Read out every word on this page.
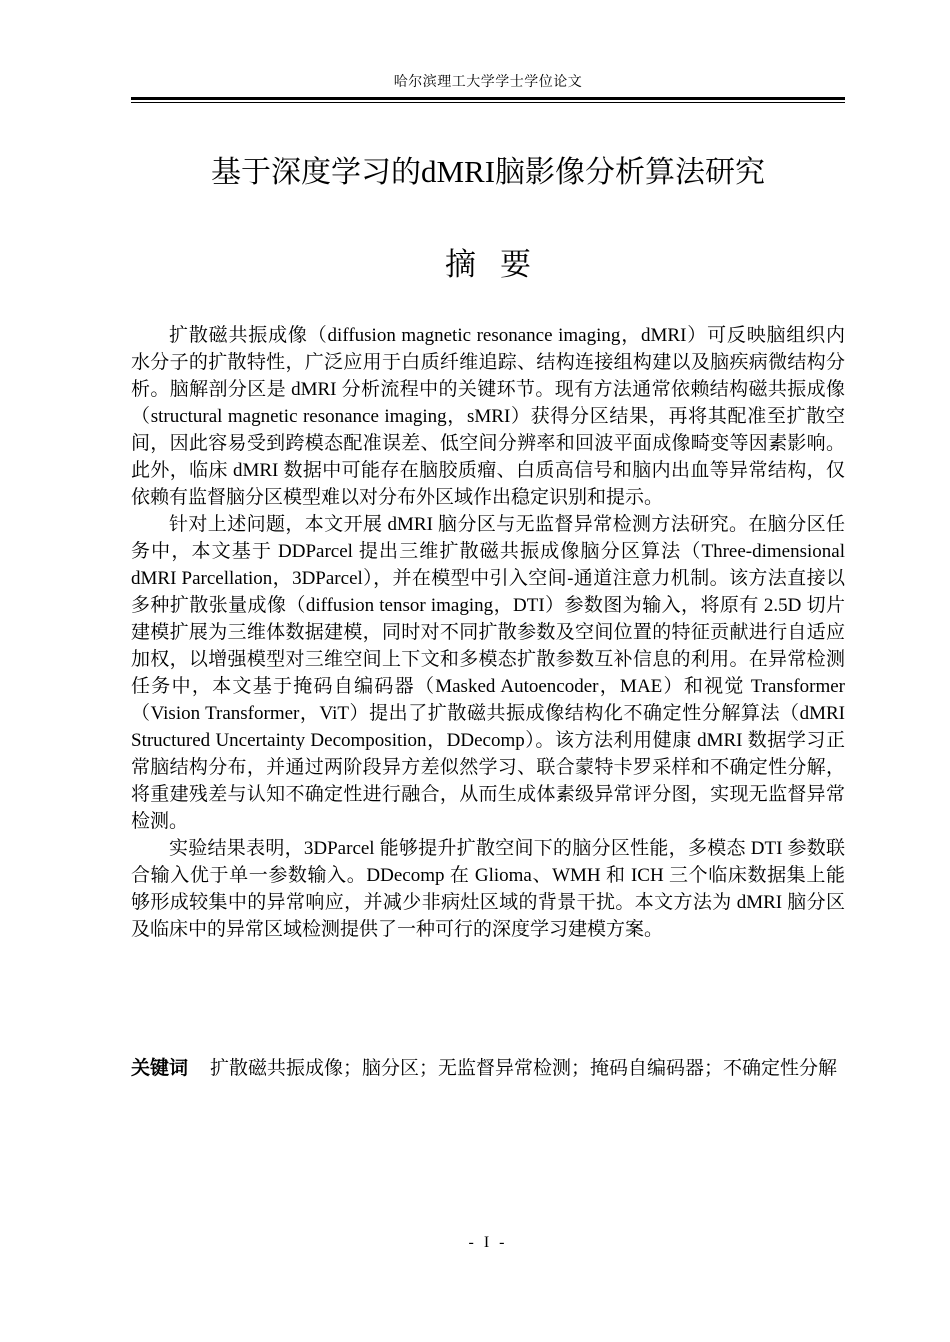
哈尔滨理工大学学士学位论文
基于深度学习的dMRI脑影像分析算法研究
摘要

扩散磁共振成像（diffusion magnetic resonance imaging，dMRI）可反映脑组织内水分子的扩散特性，广泛应用于白质纤维追踪、结构连接组构建以及脑疾病微结构分析。脑解剖分区是 dMRI 分析流程中的关键环节。现有方法通常依赖结构磁共振成像（structural magnetic resonance imaging，sMRI）获得分区结果，再将其配准至扩散空间，因此容易受到跨模态配准误差、低空间分辨率和回波平面成像畸变等因素影响。此外，临床 dMRI 数据中可能存在脑胶质瘤、白质高信号和脑内出血等异常结构，仅依赖有监督脑分区模型难以对分布外区域作出稳定识别和提示。

针对上述问题，本文开展 dMRI 脑分区与无监督异常检测方法研究。在脑分区任务中，本文基于 DDParcel 提出三维扩散磁共振成像脑分区算法（Three-dimensional dMRI Parcellation，3DParcel），并在模型中引入空间-通道注意力机制。该方法直接以多种扩散张量成像（diffusion tensor imaging，DTI）参数图为输入，将原有 2.5D 切片建模扩展为三维体数据建模，同时对不同扩散参数及空间位置的特征贡献进行自适应加权，以增强模型对三维空间上下文和多模态扩散参数互补信息的利用。在异常检测任务中，本文基于掩码自编码器（Masked Autoencoder，MAE）和视觉 Transformer（Vision Transformer，ViT）提出了扩散磁共振成像结构化不确定性分解算法（dMRI Structured Uncertainty Decomposition，DDecomp）。该方法利用健康 dMRI 数据学习正常脑结构分布，并通过两阶段异方差似然学习、联合蒙特卡罗采样和不确定性分解，将重建残差与认知不确定性进行融合，从而生成体素级异常评分图，实现无监督异常检测。

实验结果表明，3DParcel 能够提升扩散空间下的脑分区性能，多模态 DTI 参数联合输入优于单一参数输入。DDecomp 在 Glioma、WMH 和 ICH 三个临床数据集上能够形成较集中的异常响应，并减少非病灶区域的背景干扰。本文方法为 dMRI 脑分区及临床中的异常区域检测提供了一种可行的深度学习建模方案。

关键词 扩散磁共振成像；脑分区；无监督异常检测；掩码自编码器；不确定性分解

- I -
